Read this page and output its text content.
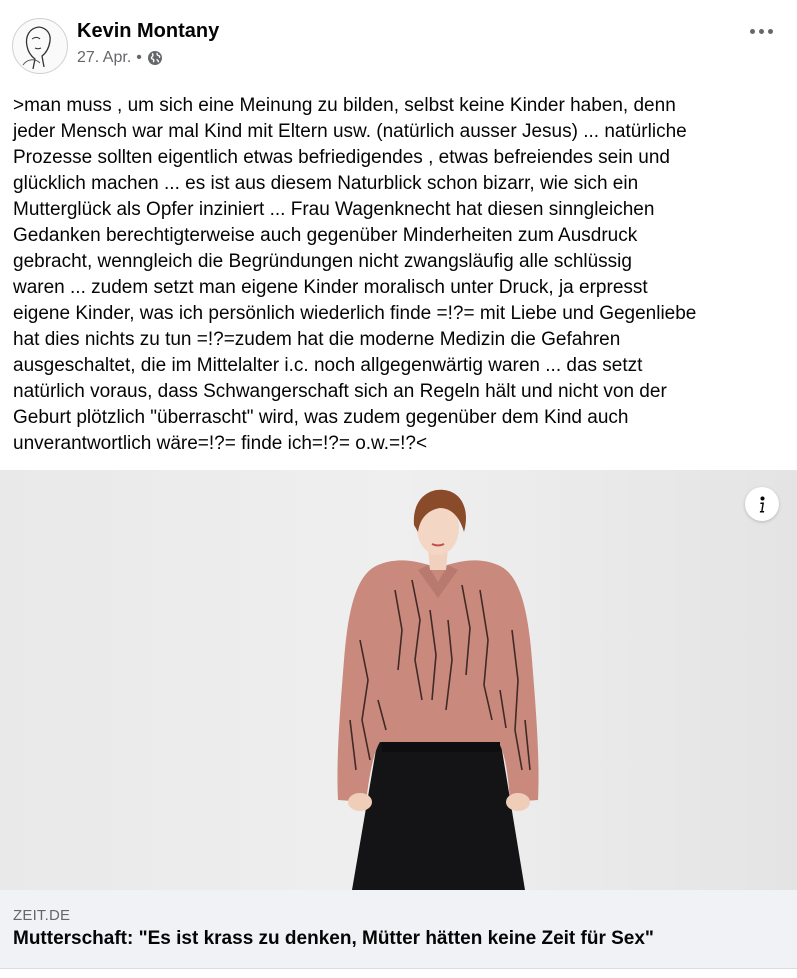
Kevin Montany
27. Apr. •
>man muss , um sich eine Meinung zu bilden, selbst keine Kinder haben, denn
jeder Mensch war mal Kind mit Eltern usw. (natürlich ausser Jesus) ... natürliche
Prozesse sollten eigentlich etwas befriedigendes , etwas befreiendes sein und
glücklich machen ... es ist aus diesem Naturblick schon bizarr, wie sich ein
Mutterglück als Opfer inziniert ... Frau Wagenknecht hat diesen sinngleichen
Gedanken berechtigterweise auch gegenüber Minderheiten zum Ausdruck
gebracht, wenngleich die Begründungen nicht zwangsläufig alle schlüssig
waren ... zudem setzt man eigene Kinder moralisch unter Druck, ja erpresst
eigene Kinder, was ich persönlich wiederlich finde =!?= mit Liebe und Gegenliebe
hat dies nichts zu tun =!?=zudem hat die moderne Medizin die Gefahren
ausgeschaltet, die im Mittelalter i.c. noch allgegenwärtig waren ... das setzt
natürlich voraus, dass Schwangerschaft sich an Regeln hält und nicht von der
Geburt plötzlich "überrascht" wird, was zudem gegenüber dem Kind auch
unverantwortlich wäre=!?= finde ich=!?= o.w.=!?<
ZEIT.DE
Mutterschaft: "Es ist krass zu denken, Mütter hätten keine Zeit für Sex"
